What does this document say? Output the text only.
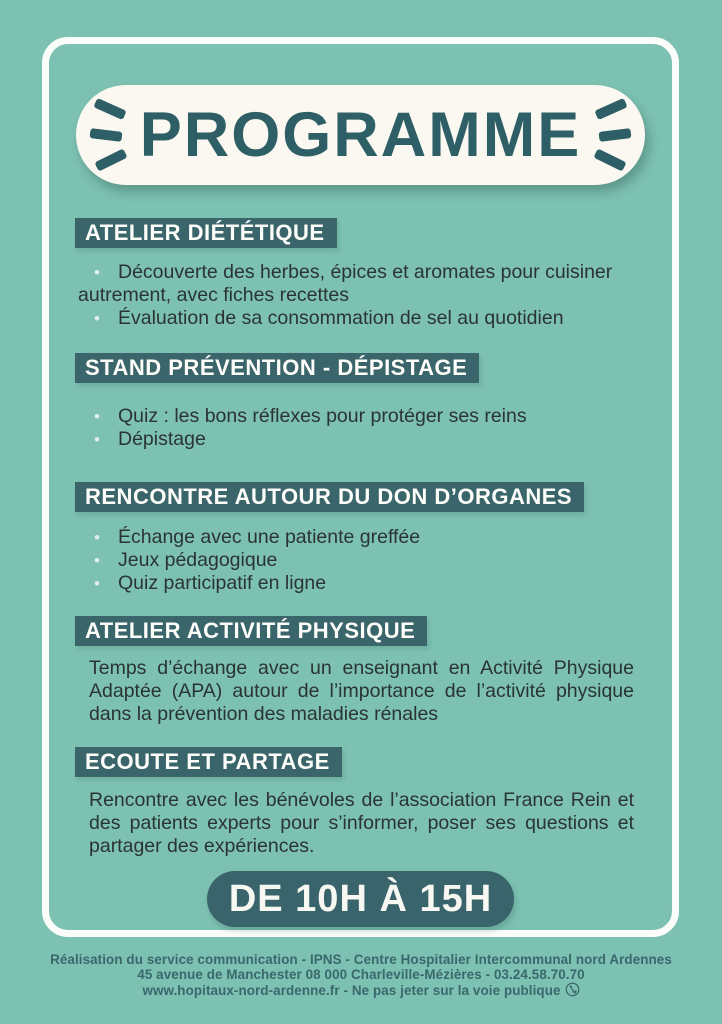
PROGRAMME
ATELIER DIÉTÉTIQUE
• Découverte des herbes, épices et aromates pour cuisiner autrement, avec fiches recettes
• Évaluation de sa consommation de sel au quotidien
STAND PRÉVENTION - DÉPISTAGE
• Quiz : les bons réflexes pour protéger ses reins
• Dépistage
RENCONTRE AUTOUR DU DON D’ORGANES
• Échange avec une patiente greffée
• Jeux pédagogique
• Quiz participatif en ligne
ATELIER ACTIVITÉ PHYSIQUE

Temps d’échange avec un enseignant en Activité Physique Adaptée (APA) autour de l’importance de l’activité physique dans la prévention des maladies rénales

ECOUTE ET PARTAGE

Rencontre avec les bénévoles de l’association France Rein et des patients experts pour s’informer, poser ses questions et partager des expériences.

DE 10H À 15H
Réalisation du service communication - IPNS - Centre Hospitalier Intercommunal nord Ardennes
45 avenue de Manchester 08 000 Charleville-Mézières - 03.24.58.70.70
www.hopitaux-nord-ardenne.fr - Ne pas jeter sur la voie publique
